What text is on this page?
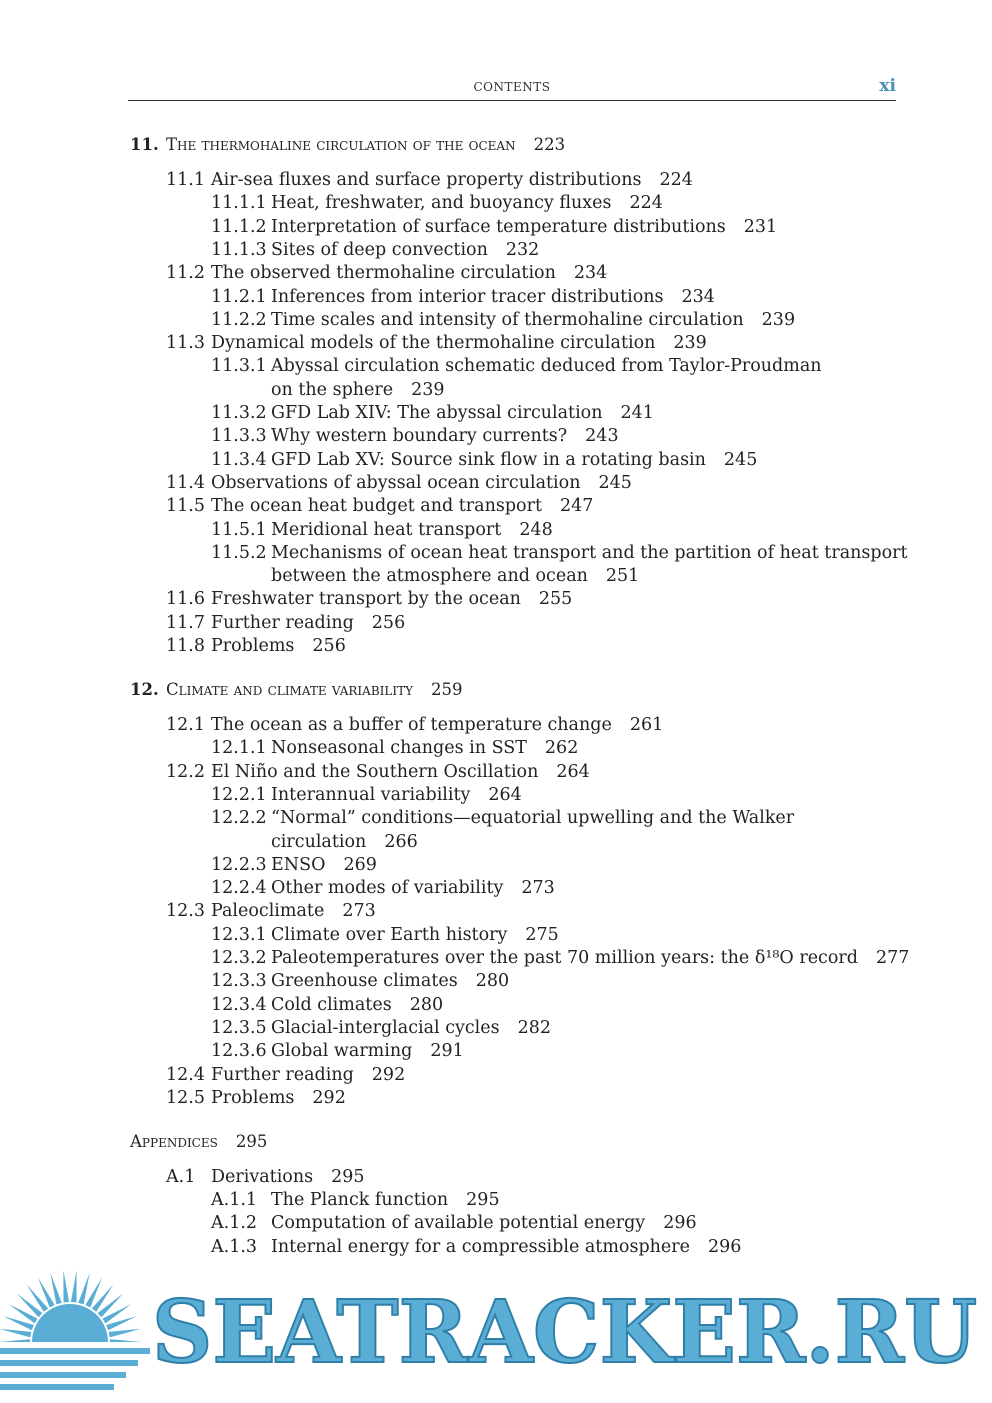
CONTENTS	xi
11. The thermohaline circulation of the ocean 223
11.1 Air-sea fluxes and surface property distributions 224
11.1.1 Heat, freshwater, and buoyancy fluxes 224
11.1.2 Interpretation of surface temperature distributions 231
11.1.3 Sites of deep convection 232
11.2 The observed thermohaline circulation 234
11.2.1 Inferences from interior tracer distributions 234
11.2.2 Time scales and intensity of thermohaline circulation 239
11.3 Dynamical models of the thermohaline circulation 239
11.3.1 Abyssal circulation schematic deduced from Taylor-Proudman
on the sphere 239
11.3.2 GFD Lab XIV: The abyssal circulation 241
11.3.3 Why western boundary currents? 243
11.3.4 GFD Lab XV: Source sink flow in a rotating basin 245
11.4 Observations of abyssal ocean circulation 245
11.5 The ocean heat budget and transport 247
11.5.1 Meridional heat transport 248
11.5.2 Mechanisms of ocean heat transport and the partition of heat transport
between the atmosphere and ocean 251
11.6 Freshwater transport by the ocean 255
11.7 Further reading 256
11.8 Problems 256
12. Climate and climate variability 259
12.1 The ocean as a buffer of temperature change 261
12.1.1 Nonseasonal changes in SST 262
12.2 El Niño and the Southern Oscillation 264
12.2.1 Interannual variability 264
12.2.2 “Normal” conditions—equatorial upwelling and the Walker
circulation 266
12.2.3 ENSO 269
12.2.4 Other modes of variability 273
12.3 Paleoclimate 273
12.3.1 Climate over Earth history 275
12.3.2 Paleotemperatures over the past 70 million years: the δ¹⁸O record 277
12.3.3 Greenhouse climates 280
12.3.4 Cold climates 280
12.3.5 Glacial-interglacial cycles 282
12.3.6 Global warming 291
12.4 Further reading 292
12.5 Problems 292
Appendices 295
A.1 Derivations 295
A.1.1 The Planck function 295
A.1.2 Computation of available potential energy 296
A.1.3 Internal energy for a compressible atmosphere 296
SEATRACKER.RU
